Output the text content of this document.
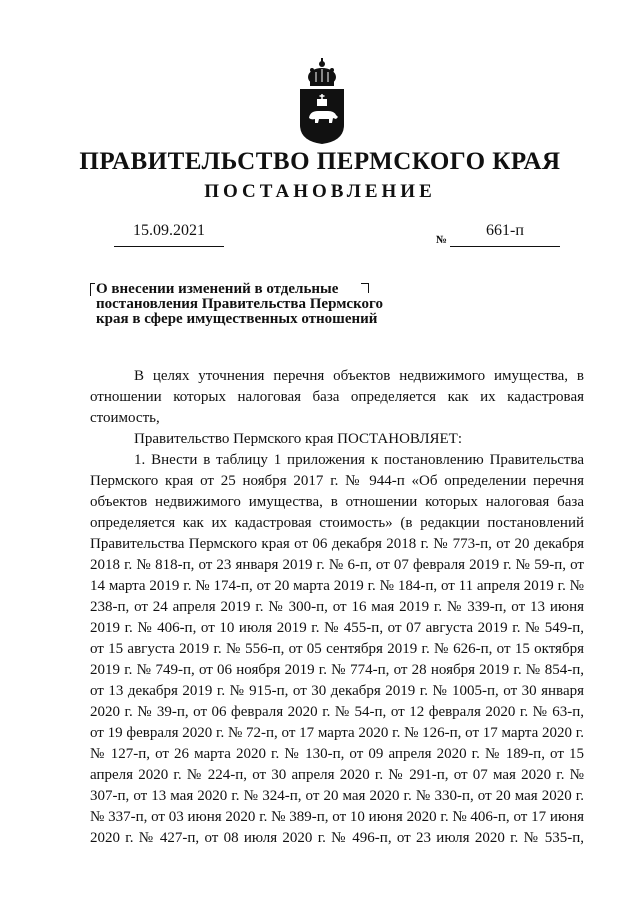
ПРАВИТЕЛЬСТВО ПЕРМСКОГО КРАЯ
ПОСТАНОВЛЕНИЕ
15.09.2021
№
661-п
О внесении изменений в отдельные
постановления Правительства Пермского
края в сфере имущественных отношений

В целях уточнения перечня объектов недвижимого имущества, в отношении которых налоговая база определяется как их кадастровая стоимость,

Правительство Пермского края ПОСТАНОВЛЯЕТ:

1. Внести в таблицу 1 приложения к постановлению Правительства Пермского края от 25 ноября 2017 г. № 944-п «Об определении перечня объектов недвижимого имущества, в отношении которых налоговая база определяется как их кадастровая стоимость» (в редакции постановлений Правительства Пермского края от 06 декабря 2018 г. № 773-п, от 20 декабря 2018 г. № 818-п, от 23 января 2019 г. № 6-п, от 07 февраля 2019 г. № 59-п, от 14 марта 2019 г. № 174-п, от 20 марта 2019 г. № 184-п, от 11 апреля 2019 г. № 238-п, от 24 апреля 2019 г. № 300-п, от 16 мая 2019 г. № 339-п, от 13 июня 2019 г. № 406-п, от 10 июля 2019 г. № 455-п, от 07 августа 2019 г. № 549-п, от 15 августа 2019 г. № 556-п, от 05 сентября 2019 г. № 626-п, от 15 октября 2019 г. № 749-п, от 06 ноября 2019 г. № 774-п, от 28 ноября 2019 г. № 854-п, от 13 декабря 2019 г. № 915-п, от 30 декабря 2019 г. № 1005-п, от 30 января 2020 г. № 39-п, от 06 февраля 2020 г. № 54-п, от 12 февраля 2020 г. № 63-п, от 19 февраля 2020 г. № 72-п, от 17 марта 2020 г. № 126-п, от 17 марта 2020 г. № 127-п, от 26 марта 2020 г. № 130-п, от 09 апреля 2020 г. № 189-п, от 15 апреля 2020 г. № 224-п, от 30 апреля 2020 г. № 291-п, от 07 мая 2020 г. № 307-п, от 13 мая 2020 г. № 324-п, от 20 мая 2020 г. № 330-п, от 20 мая 2020 г. № 337-п, от 03 июня 2020 г. № 389-п, от 10 июня 2020 г. № 406-п, от 17 июня 2020 г. № 427-п, от 08 июля 2020 г. № 496-п, от 23 июля 2020 г. № 535-п,
